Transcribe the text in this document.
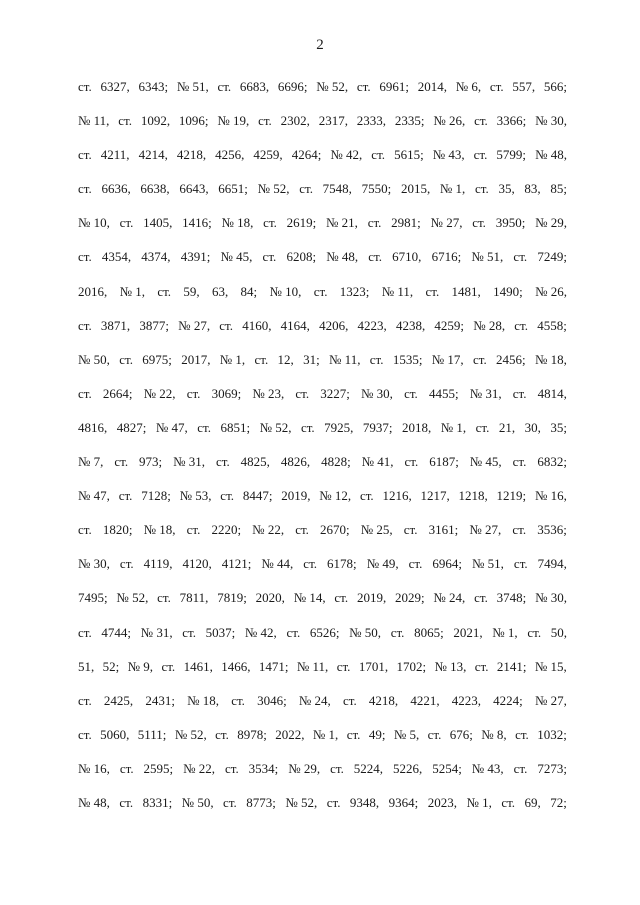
2
ст. 6327, 6343; № 51, ст. 6683, 6696; № 52, ст. 6961; 2014, № 6, ст. 557, 566;
№ 11, ст. 1092, 1096; № 19, ст. 2302, 2317, 2333, 2335; № 26, ст. 3366; № 30,
ст. 4211, 4214, 4218, 4256, 4259, 4264; № 42, ст. 5615; № 43, ст. 5799; № 48,
ст. 6636, 6638, 6643, 6651; № 52, ст. 7548, 7550; 2015, № 1, ст. 35, 83, 85;
№ 10, ст. 1405, 1416; № 18, ст. 2619; № 21, ст. 2981; № 27, ст. 3950; № 29,
ст. 4354, 4374, 4391; № 45, ст. 6208; № 48, ст. 6710, 6716; № 51, ст. 7249;
2016, № 1, ст. 59, 63, 84; № 10, ст. 1323; № 11, ст. 1481, 1490; № 26,
ст. 3871, 3877; № 27, ст. 4160, 4164, 4206, 4223, 4238, 4259; № 28, ст. 4558;
№ 50, ст. 6975; 2017, № 1, ст. 12, 31; № 11, ст. 1535; № 17, ст. 2456; № 18,
ст. 2664; № 22, ст. 3069; № 23, ст. 3227; № 30, ст. 4455; № 31, ст. 4814,
4816, 4827; № 47, ст. 6851; № 52, ст. 7925, 7937; 2018, № 1, ст. 21, 30, 35;
№ 7, ст. 973; № 31, ст. 4825, 4826, 4828; № 41, ст. 6187; № 45, ст. 6832;
№ 47, ст. 7128; № 53, ст. 8447; 2019, № 12, ст. 1216, 1217, 1218, 1219; № 16,
ст. 1820; № 18, ст. 2220; № 22, ст. 2670; № 25, ст. 3161; № 27, ст. 3536;
№ 30, ст. 4119, 4120, 4121; № 44, ст. 6178; № 49, ст. 6964; № 51, ст. 7494,
7495; № 52, ст. 7811, 7819; 2020, № 14, ст. 2019, 2029; № 24, ст. 3748; № 30,
ст. 4744; № 31, ст. 5037; № 42, ст. 6526; № 50, ст. 8065; 2021, № 1, ст. 50,
51, 52; № 9, ст. 1461, 1466, 1471; № 11, ст. 1701, 1702; № 13, ст. 2141; № 15,
ст. 2425, 2431; № 18, ст. 3046; № 24, ст. 4218, 4221, 4223, 4224; № 27,
ст. 5060, 5111; № 52, ст. 8978; 2022, № 1, ст. 49; № 5, ст. 676; № 8, ст. 1032;
№ 16, ст. 2595; № 22, ст. 3534; № 29, ст. 5224, 5226, 5254; № 43, ст. 7273;
№ 48, ст. 8331; № 50, ст. 8773; № 52, ст. 9348, 9364; 2023, № 1, ст. 69, 72;
